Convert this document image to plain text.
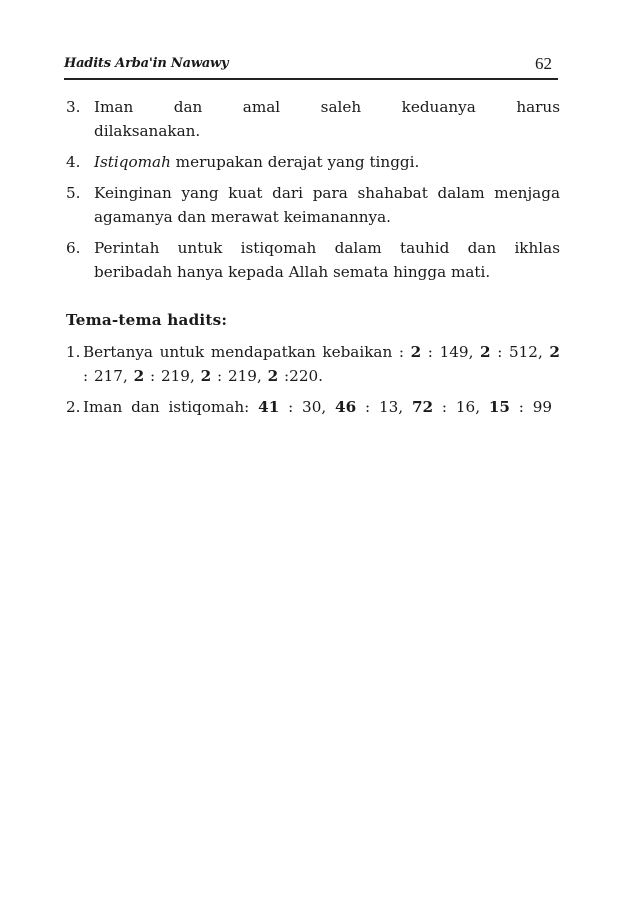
Hadits Arba'in Nawawy	62
3. Iman dan amal saleh keduanya harus dilaksanakan.
4. Istiqomah merupakan derajat yang tinggi.
5. Keinginan yang kuat dari para shahabat dalam menjaga agamanya dan merawat keimanannya.
6. Perintah untuk istiqomah dalam tauhid dan ikhlas beribadah hanya kepada Allah semata hingga mati.
Tema-tema hadits:
1. Bertanya untuk mendapatkan kebaikan : 2 : 149, 2 : 512, 2 : 217, 2 : 219, 2 : 219, 2 :220.
2. Iman dan istiqomah: 41 : 30, 46 : 13, 72 : 16, 15 : 99
